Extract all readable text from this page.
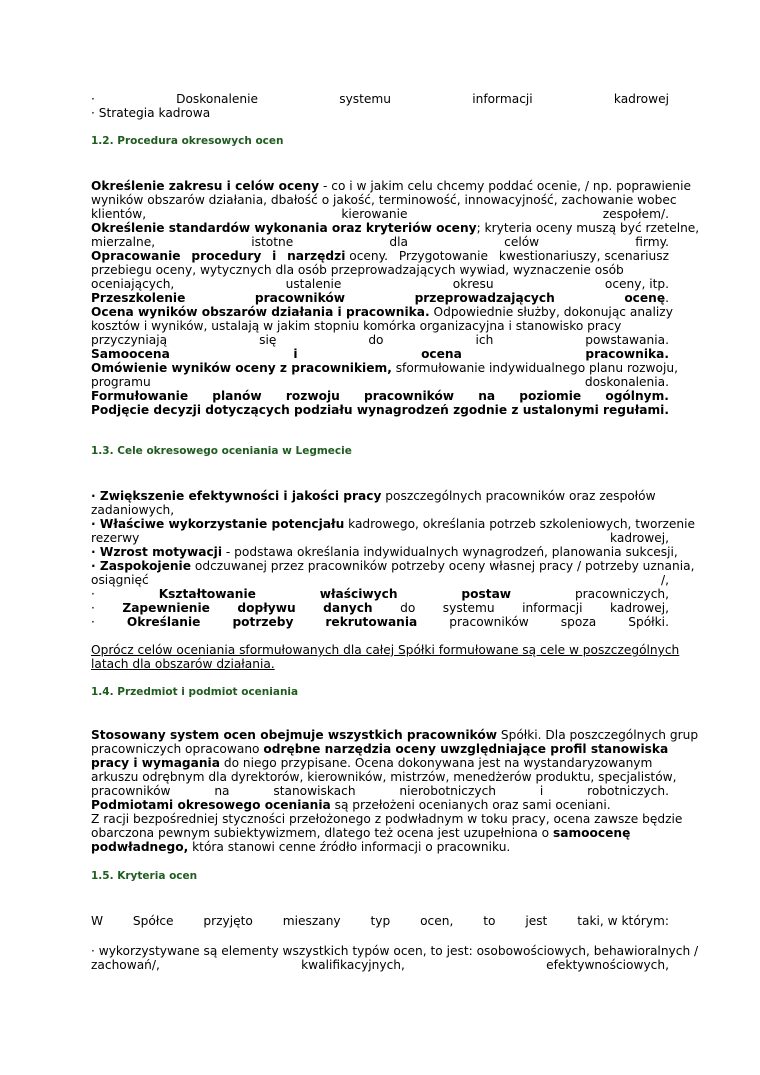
·	Doskonalenie	systemu	informacji	kadrowej
· Strategia kadrowa
1.2. Procedura okresowych ocen
Określenie zakresu i celów oceny - co i w jakim celu chcemy poddać ocenie, / np. poprawienie
wyników obszarów działania, dbałość o jakość, terminowość, innowacyjność, zachowanie wobec
klientów,	kierowanie	zespołem/.
Określenie standardów wykonania oraz kryteriów oceny; kryteria oceny muszą być rzetelne,
mierzalne,	istotne	dla	celów	firmy.
Opracowanie procedury i narzędzi oceny. Przygotowanie kwestionariuszy, scenariusz
przebiegu oceny, wytycznych dla osób przeprowadzających wywiad, wyznaczenie osób
oceniających,	ustalenie	okresu	oceny, itp.
Przeszkolenie	pracowników	przeprowadzających	ocenę.
Ocena wyników obszarów działania i pracownika. Odpowiednie służby, dokonując analizy
kosztów i wyników, ustalają w jakim stopniu komórka organizacyjna i stanowisko pracy
przyczyniają	się	do	ich	powstawania.
Samoocena	i	ocena	pracownika.
Omówienie wyników oceny z pracownikiem, sformułowanie indywidualnego planu rozwoju,
programu	doskonalenia.
Formułowanie planów rozwoju pracowników na poziomie ogólnym.
Podjęcie decyzji dotyczących podziału wynagrodzeń zgodnie z ustalonymi regułami.
1.3. Cele okresowego oceniania w Legmecie
· Zwiększenie efektywności i jakości pracy poszczególnych pracowników oraz zespołów
zadaniowych,
· Właściwe wykorzystanie potencjału kadrowego, określania potrzeb szkoleniowych, tworzenie
rezerwy	kadrowej,
· Wzrost motywacji - podstawa określania indywidualnych wynagrodzeń, planowania sukcesji,
· Zaspokojenie odczuwanej przez pracowników potrzeby oceny własnej pracy / potrzeby uznania,
osiągnięć	/,
·	Kształtowanie	właściwych	postaw	pracowniczych,
· Zapewnienie dopływu danych do systemu informacji kadrowej,
·	Określanie	potrzeby	rekrutowania	pracowników	spoza	Spółki.
Oprócz celów oceniania sformułowanych dla całej Spółki formułowane są cele w poszczególnych
latach dla obszarów działania.
1.4. Przedmiot i podmiot oceniania
Stosowany system ocen obejmuje wszystkich pracowników Spółki. Dla poszczególnych grup
pracowniczych opracowano odrębne narzędzia oceny uwzględniające profil stanowiska
pracy i wymagania do niego przypisane. Ocena dokonywana jest na wystandaryzowanym
arkuszu odrębnym dla dyrektorów, kierowników, mistrzów, menedżerów produktu, specjalistów,
pracowników	na	stanowiskach	nierobotniczych	i	robotniczych.
Podmiotami okresowego oceniania są przełożeni ocenianych oraz sami oceniani.
Z racji bezpośredniej styczności przełożonego z podwładnym w toku pracy, ocena zawsze będzie
obarczona pewnym subiektywizmem, dlatego też ocena jest uzupełniona o samoocenę
podwładnego, która stanowi cenne źródło informacji o pracowniku.
1.5. Kryteria ocen
W Spółce przyjęto mieszany typ ocen, to jest taki, w którym:
· wykorzystywane są elementy wszystkich typów ocen, to jest: osobowościowych, behawioralnych /
zachowań/,	kwalifikacyjnych,	efektywnościowych,
